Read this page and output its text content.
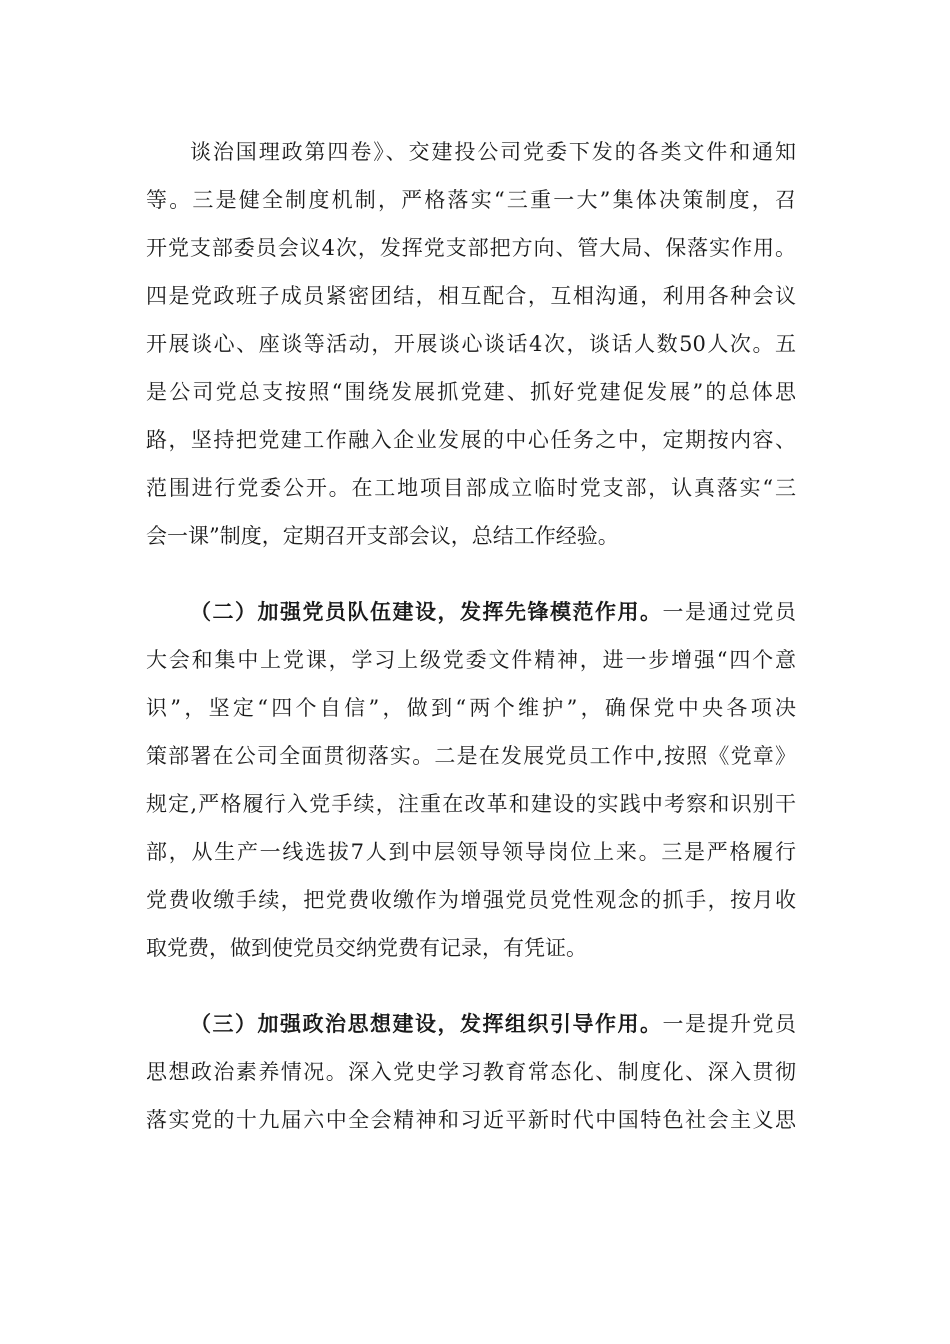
谈治国理政第四卷》、交建投公司党委下发的各类文件和通知
等。三是健全制度机制，严格落实“三重一大”集体决策制度，召
开党支部委员会议4次，发挥党支部把方向、管大局、保落实作用。
四是党政班子成员紧密团结，相互配合，互相沟通，利用各种会议
开展谈心、座谈等活动，开展谈心谈话4次，谈话人数50人次。五
是公司党总支按照“围绕发展抓党建、抓好党建促发展”的总体思
路，坚持把党建工作融入企业发展的中心任务之中，定期按内容、
范围进行党委公开。在工地项目部成立临时党支部，认真落实“三
会一课”制度，定期召开支部会议，总结工作经验。
（二）加强党员队伍建设，发挥先锋模范作用。一是通过党员
大会和集中上党课，学习上级党委文件精神，进一步增强“四个意
识”，坚定“四个自信”，做到“两个维护”，确保党中央各项决
策部署在公司全面贯彻落实。二是在发展党员工作中,按照《党章》
规定,严格履行入党手续，注重在改革和建设的实践中考察和识别干
部，从生产一线选拔7人到中层领导领导岗位上来。三是严格履行
党费收缴手续，把党费收缴作为增强党员党性观念的抓手，按月收
取党费，做到使党员交纳党费有记录，有凭证。
（三）加强政治思想建设，发挥组织引导作用。一是提升党员
思想政治素养情况。深入党史学习教育常态化、制度化、深入贯彻
落实党的十九届六中全会精神和习近平新时代中国特色社会主义思
